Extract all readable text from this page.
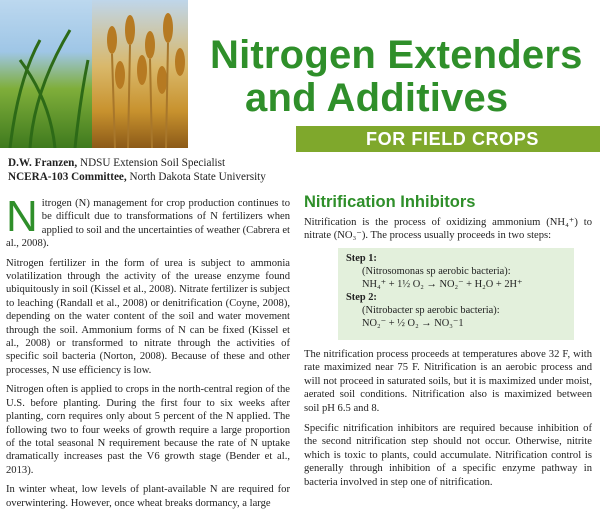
Nitrogen Extenders
and Additives
FOR FIELD CROPS
D.W. Franzen, NDSU Extension Soil Specialist
NCERA-103 Committee, North Dakota State University

Nitrogen (N) management for crop production continues to be difficult due to transformations of N fertilizers when applied to soil and the uncertainties of weather (Cabrera et al., 2008).

Nitrogen fertilizer in the form of urea is subject to ammonia volatilization through the activity of the urease enzyme found ubiquitously in soil (Kissel et al., 2008). Nitrate fertilizer is subject to leaching (Randall et al., 2008) or denitrification (Coyne, 2008), depending on the water content of the soil and water movement through the soil. Ammonium forms of N can be fixed (Kissel et al., 2008) or transformed to nitrate through the activities of specific soil bacteria (Norton, 2008). Because of these and other processes, N use efficiency is low.

Nitrogen often is applied to crops in the north-central region of the U.S. before planting. During the first four to six weeks after planting, corn requires only about 5 percent of the N applied. The following two to four weeks of growth require a large proportion of the total seasonal N requirement because the rate of N uptake dramatically increases past the V6 growth stage (Bender et al., 2013).

In winter wheat, low levels of plant-available N are required for overwintering. However, once wheat breaks dormancy, a large

Nitrification Inhibitors

Nitrification is the process of oxidizing ammonium (NH₄⁺) to nitrate (NO₃⁻). The process usually proceeds in two steps:

Step 1:
(Nitrosomonas sp aerobic bacteria):
NH₄⁺ + 1½ O₂ → NO₂⁻ + H₂O + 2H⁺
Step 2:
(Nitrobacter sp aerobic bacteria):
NO₂⁻ + ½ O₂ → NO₃⁻1

The nitrification process proceeds at temperatures above 32 F, with rate maximized near 75 F. Nitrification is an aerobic process and will not proceed in saturated soils, but it is maximized under moist, aerated soil conditions. Nitrification also is maximized between soil pH 6.5 and 8.

Specific nitrification inhibitors are required because inhibition of the second nitrification step should not occur. Otherwise, nitrite which is toxic to plants, could accumulate. Nitrification control is generally through inhibition of a specific enzyme pathway in bacteria involved in step one of nitrification.
